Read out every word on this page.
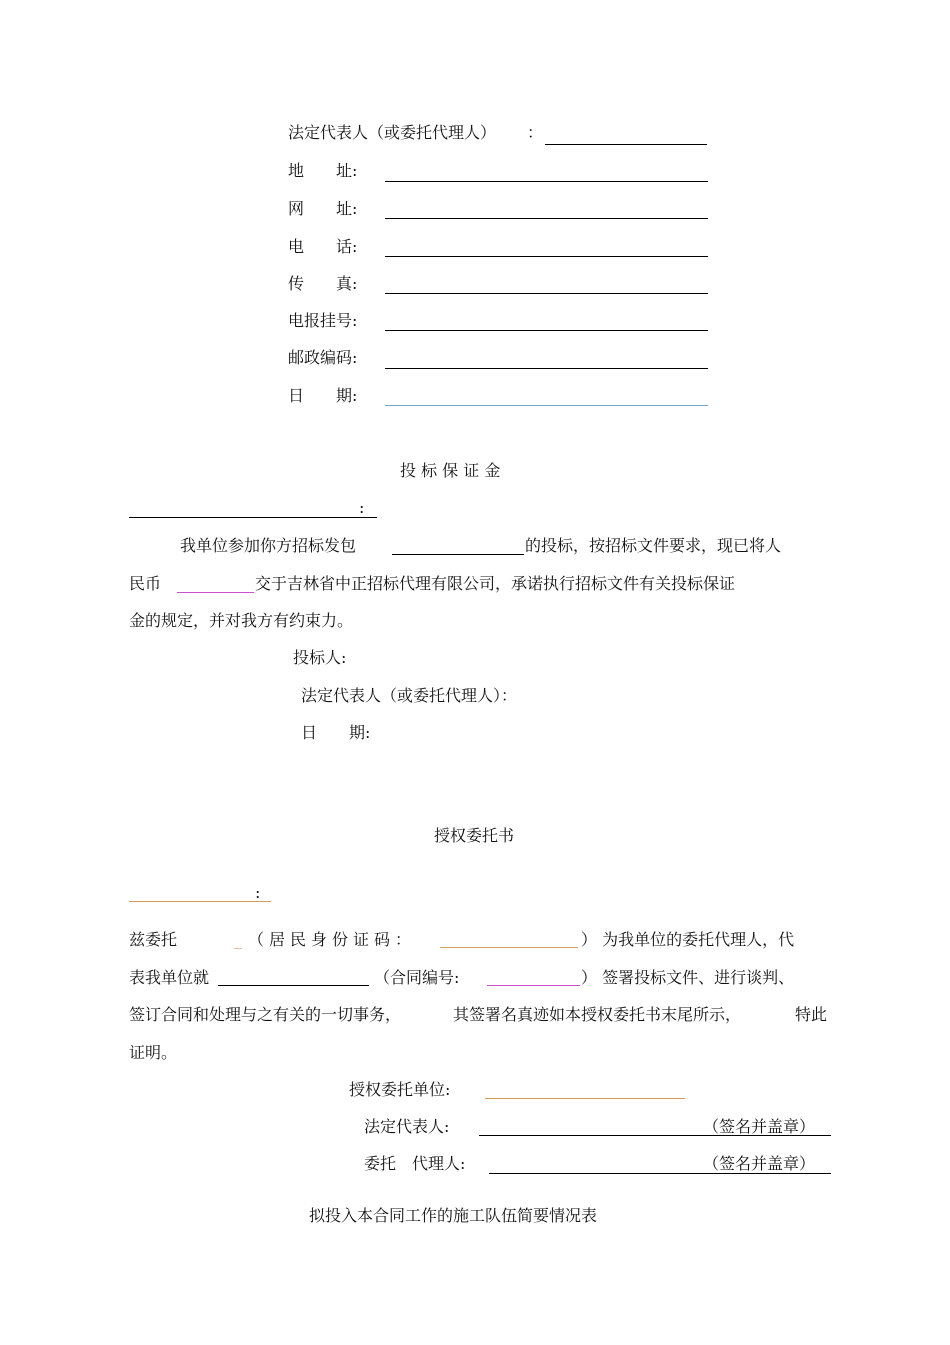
法定代表人（或委托代理人） ：
地　　址:
网　　址:
电　　话:
传　　真:
电报挂号:
邮政编码:
日　　期:
投 标 保 证 金
:
我单位参加你方招标发包	的投标，按招标文件要求，现已将人
民币	交于吉林省中正招标代理有限公司，承诺执行招标文件有关投标保证
金的规定，并对我方有约束力。
投标人:
法定代表人（或委托代理人）：
日　　期:
授权委托书
:
兹委托	_ （居民身份证码：	） 为我单位的委托代理人，代
表我单位就	（合同编号:	） 签署投标文件、进行谈判、
签订合同和处理与之有关的一切事务，	其签署名真迹如本授权委托书末尾所示，	特此
证明。
授权委托单位:
法定代表人:	（签名并盖章）
委托　代理人:	（签名并盖章）
拟投入本合同工作的施工队伍简要情况表
